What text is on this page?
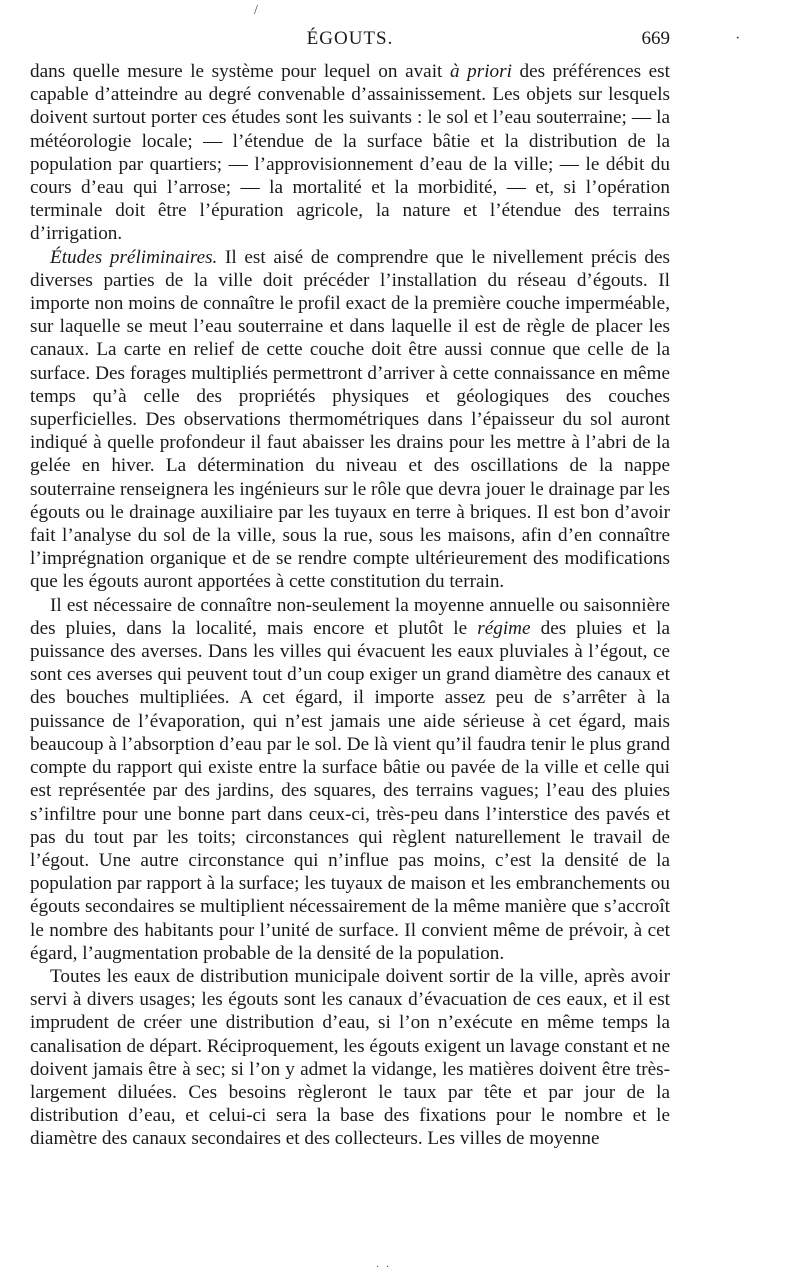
/
·
· ·
ÉGOUTS.	669

dans quelle mesure le système pour lequel on avait à priori des préférences est capable d’atteindre au degré convenable d’assainissement. Les objets sur lesquels doivent surtout porter ces études sont les suivants : le sol et l’eau souterraine; — la météorologie locale; — l’étendue de la surface bâtie et la distribution de la population par quartiers; — l’approvisionnement d’eau de la ville; — le débit du cours d’eau qui l’arrose; — la mortalité et la morbidité, — et, si l’opération terminale doit être l’épuration agricole, la nature et l’étendue des terrains d’irrigation.

Études préliminaires. Il est aisé de comprendre que le nivellement précis des diverses parties de la ville doit précéder l’installation du réseau d’égouts. Il importe non moins de connaître le profil exact de la première couche imperméable, sur laquelle se meut l’eau souterraine et dans laquelle il est de règle de placer les canaux. La carte en relief de cette couche doit être aussi connue que celle de la surface. Des forages multipliés permettront d’arriver à cette connaissance en même temps qu’à celle des propriétés physiques et géologiques des couches superficielles. Des observations thermométriques dans l’épaisseur du sol auront indiqué à quelle profondeur il faut abaisser les drains pour les mettre à l’abri de la gelée en hiver. La détermination du niveau et des oscillations de la nappe souterraine renseignera les ingénieurs sur le rôle que devra jouer le drainage par les égouts ou le drainage auxiliaire par les tuyaux en terre à briques. Il est bon d’avoir fait l’analyse du sol de la ville, sous la rue, sous les maisons, afin d’en connaître l’imprégnation organique et de se rendre compte ultérieurement des modifications que les égouts auront apportées à cette constitution du terrain.

Il est nécessaire de connaître non-seulement la moyenne annuelle ou saisonnière des pluies, dans la localité, mais encore et plutôt le régime des pluies et la puissance des averses. Dans les villes qui évacuent les eaux pluviales à l’égout, ce sont ces averses qui peuvent tout d’un coup exiger un grand diamètre des canaux et des bouches multipliées. A cet égard, il importe assez peu de s’arrêter à la puissance de l’évaporation, qui n’est jamais une aide sérieuse à cet égard, mais beaucoup à l’absorption d’eau par le sol. De là vient qu’il faudra tenir le plus grand compte du rapport qui existe entre la surface bâtie ou pavée de la ville et celle qui est représentée par des jardins, des squares, des terrains vagues; l’eau des pluies s’infiltre pour une bonne part dans ceux-ci, très-peu dans l’interstice des pavés et pas du tout par les toits; circonstances qui règlent naturellement le travail de l’égout. Une autre circonstance qui n’influe pas moins, c’est la densité de la population par rapport à la surface; les tuyaux de maison et les embranchements ou égouts secondaires se multiplient nécessairement de la même manière que s’accroît le nombre des habitants pour l’unité de surface. Il convient même de prévoir, à cet égard, l’augmentation probable de la densité de la population.

Toutes les eaux de distribution municipale doivent sortir de la ville, après avoir servi à divers usages; les égouts sont les canaux d’évacuation de ces eaux, et il est imprudent de créer une distribution d’eau, si l’on n’exécute en même temps la canalisation de départ. Réciproquement, les égouts exigent un lavage constant et ne doivent jamais être à sec; si l’on y admet la vidange, les matières doivent être très-largement diluées. Ces besoins règleront le taux par tête et par jour de la distribution d’eau, et celui-ci sera la base des fixations pour le nombre et le diamètre des canaux secondaires et des collecteurs. Les villes de moyenne
